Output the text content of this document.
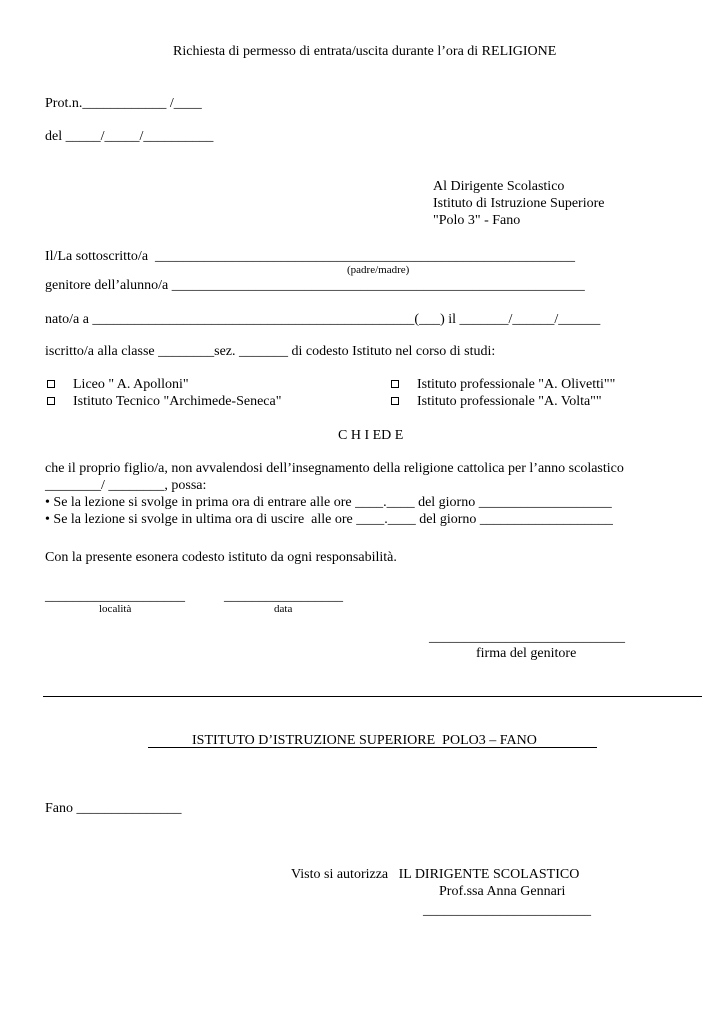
Richiesta di permesso di entrata/uscita durante l’ora di RELIGIONE
Prot.n.____________ /____
del _____/_____/__________
Al Dirigente Scolastico
Istituto di Istruzione Superiore
"Polo 3" - Fano
Il/La sottoscritto/a  ____________________________________________________________
(padre/madre)
genitore dell’alunno/a ___________________________________________________________
nato/a a ______________________________________________(___) il _______/______/______
iscritto/a alla classe ________sez. _______ di codesto Istituto nel corso di studi:
Liceo " A. Apolloni"
Istituto Tecnico "Archimede-Seneca"
Istituto professionale "A. Olivetti""
Istituto professionale "A. Volta""
C H I ED E
che il proprio figlio/a, non avvalendosi dell’insegnamento della religione cattolica per l’anno scolastico
________/ ________, possa:
• Se la lezione si svolge in prima ora di entrare alle ore ____.____ del giorno ___________________
• Se la lezione si svolge in ultima ora di uscire  alle ore ____.____ del giorno ___________________
Con la presente esonera codesto istituto da ogni responsabilità.
____________________
località
_________________
data
____________________________
firma del genitore
ISTITUTO D’ISTRUZIONE SUPERIORE  POLO3 – FANO
Fano _______________
Visto si autorizza   IL DIRIGENTE SCOLASTICO
Prof.ssa Anna Gennari
________________________
